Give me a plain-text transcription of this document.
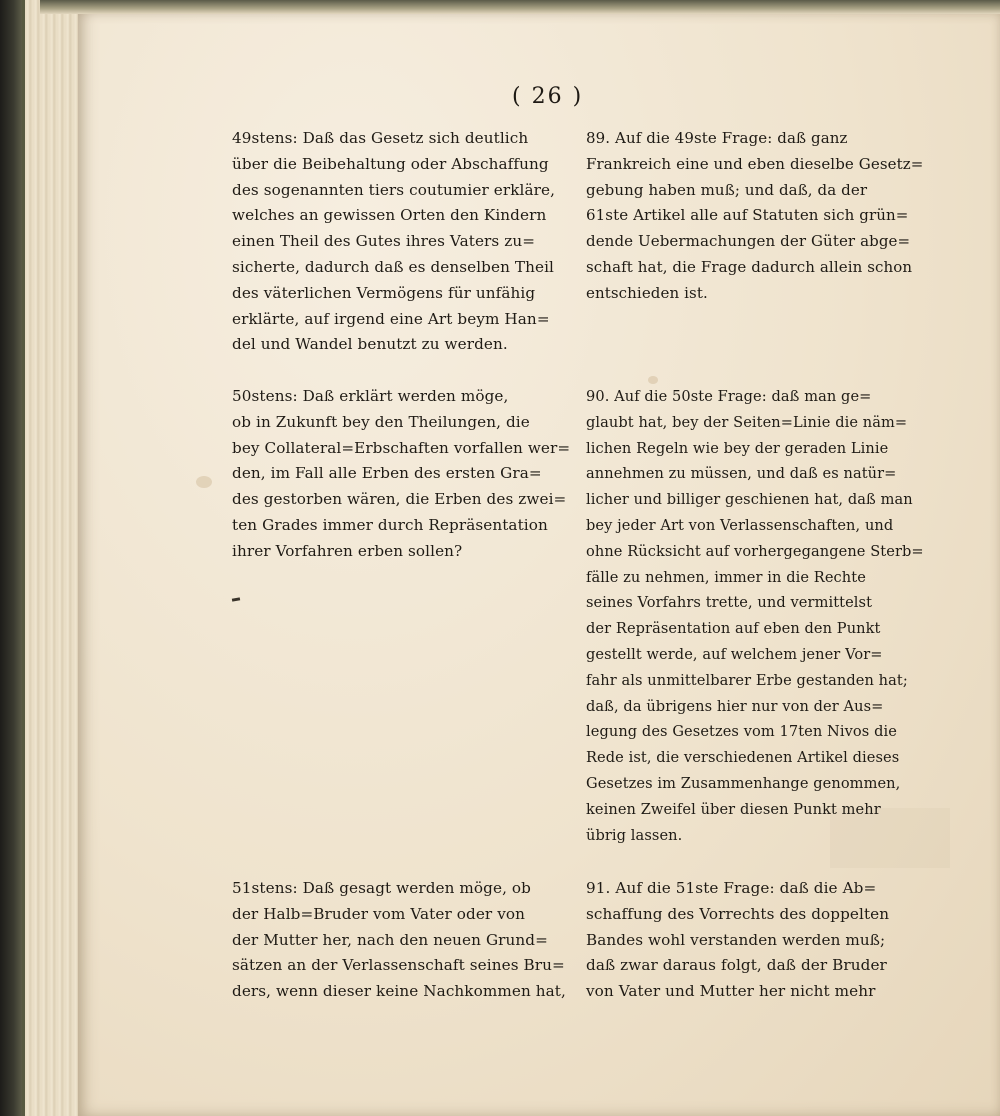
( 26 )
49stens: Daß das Gesetz sich deutlich
über die Beibehaltung oder Abschaffung
des sogenannten tiers coutumier erkläre,
welches an gewissen Orten den Kindern
einen Theil des Gutes ihres Vaters zu=
sicherte, dadurch daß es denselben Theil
des väterlichen Vermögens für unfähig
erklärte, auf irgend eine Art beym Han=
del und Wandel benutzt zu werden.
50stens: Daß erklärt werden möge,
ob in Zukunft bey den Theilungen, die
bey Collateral=Erbschaften vorfallen wer=
den, im Fall alle Erben des ersten Gra=
des gestorben wären, die Erben des zwei=
ten Grades immer durch Repräsentation
ihrer Vorfahren erben sollen?
51stens: Daß gesagt werden möge, ob
der Halb=Bruder vom Vater oder von
der Mutter her, nach den neuen Grund=
sätzen an der Verlassenschaft seines Bru=
ders, wenn dieser keine Nachkommen hat,
89. Auf die 49ste Frage: daß ganz
Frankreich eine und eben dieselbe Gesetz=
gebung haben muß; und daß, da der
61ste Artikel alle auf Statuten sich grün=
dende Uebermachungen der Güter abge=
schaft hat, die Frage dadurch allein schon
entschieden ist.
90. Auf die 50ste Frage: daß man ge=
glaubt hat, bey der Seiten=Linie die näm=
lichen Regeln wie bey der geraden Linie
annehmen zu müssen, und daß es natür=
licher und billiger geschienen hat, daß man
bey jeder Art von Verlassenschaften, und
ohne Rücksicht auf vorhergegangene Sterb=
fälle zu nehmen, immer in die Rechte
seines Vorfahrs trette, und vermittelst
der Repräsentation auf eben den Punkt
gestellt werde, auf welchem jener Vor=
fahr als unmittelbarer Erbe gestanden hat;
daß, da übrigens hier nur von der Aus=
legung des Gesetzes vom 17ten Nivos die
Rede ist, die verschiedenen Artikel dieses
Gesetzes im Zusammenhange genommen,
keinen Zweifel über diesen Punkt mehr
übrig lassen.
91. Auf die 51ste Frage: daß die Ab=
schaffung des Vorrechts des doppelten
Bandes wohl verstanden werden muß;
daß zwar daraus folgt, daß der Bruder
von Vater und Mutter her nicht mehr
